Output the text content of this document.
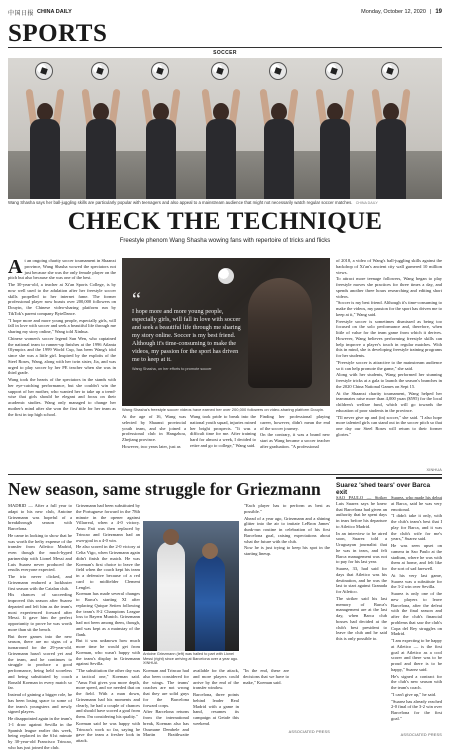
中国日报 CHINA DAILY	Monday, October 12, 2020 | 19
SPORTS
SOCCER
Wang Shasha says her ball-juggling skills are particularly popular with teenagers and also appeal to a mainstream audience that might not necessarily watch regular soccer matches. CHINA DAILY
CHECK THE TECHNIQUE
Freestyle phenom Wang Shasha wowing fans with repertoire of tricks and flicks
A t an ongoing charity soccer tournament in Shaanxi province, Wang Shasha wowed the spectators not just because she was the only female player on the pitch but also because she was one of the best.

The 30-year-old, a teacher at Xi'an Sports College, is by now well used to the adulation after her freestyle soccer skills propelled to her internet fame. The former professional player now boasts over 200,000 followers on Douyin, the Chinese video-sharing platform run by TikTok's parent company ByteDance.

"I hope more and more young people, especially girls, will fall in love with soccer and seek a beautiful life through me sharing my story online," Wang told Xinhua.

Chinese women's soccer legend Sun Wen, who captained the national team to runner-up finishes at the 1996 Atlanta Olympics and the 1999 World Cup, has been Wang's idol since she was a little girl. Inspired by the exploits of the Steel Roses, Wang, along with her twin sister, Jia, and was urged to play soccer by her PE teacher when she was in third grade.

Wang took the hearts of the spectators in the stands with her eye-catching performance, but she couldn't win the support of her mother, who wanted her to take up a trend-wise that girls should be elegant and focus on their academic studies. Wang only managed to change her mother's mind after she won the first title for her team as the first in top high school.

“
I hope more and more young people, especially girls, will fall in love with soccer and seek a beautiful life through me sharing my story online. Soccer is my best friend. Although it's time-consuming to make the videos, my passion for the sport has driven me to keep at it.
Wang Shasha, on her efforts to promote soccer
Wang Shasha's freestyle soccer videos have earned her over 200,000 followers on video-sharing platform Douyin.

At the age of 16, Wang was selected by Shaanxi provincial youth team, and she joined a professional club in Hangzhou, Zhejiang province.

However, two years later, just as

Wang took pride to break into the national youth squad, injuries ruined her bright prospects. "It was a difficult time for me. After training hard for almost a week, I decided to retire and go to college," Wang said.

Finding her professional playing career, however, didn't mean the end of the soccer journey.

On the contrary, it was a brand new start as Wang became a soccer teacher after graduation. "A professional

of 2018, a video of Wang's ball-juggling skills against the backdrop of Xi'an's ancient city wall garnered 10 million views.

To attract more teenage followers, Wang began to play freestyle moves she practices for three times a day, and spends another three hours researching and editing short videos.

"Soccer is my best friend. Although it's time-consuming to make the videos, my passion for the sport has driven me to keep at it," Wang said.

Freestyle soccer is sometimes dismissed as being too focused on the solo performance and, therefore, when little of value for the team game from which it derives. However, Wang believes performing freestyle skills can help improve a player's touch in regular matches. With this in mind, she is developing freestyle training programs for her students.

"Freestyle soccer is attractive to the mainstream audience so it can help promote the game," she said.

Along with her students, Wang performed her stunning freestyle tricks at a gala to launch the season's branches in the 2020 China National Games on Sept 15.

At the Shaanxi charity tournament, Wang helped her teammates raise more than 4,000 yuan ($595) for the local children's welfare fund, which will go towards the education of poor students in the province.

"I'll never give up and (in) soccer," she said. "I also hope more talented girls can stand out in the soccer pitch so that one day our Steel Roses will return to their former glories."

XINHUA
New season, same struggle for Griezmann

MADRID — After a full year to adapt to his new club, Antoine Griezmann was hopeful of a breakthrough season with Barcelona.

He came in looking to show that he was worth the hefty expense of the transfer from Atletico Madrid, even though the much-hyped partnership with Lionel Messi and Luis Suarez never produced the results everyone expected.

The trio never clicked, and Griezmann endured a lackluster first season with the Catalan club.

His chances of succeeding improved this season after Suarez departed and left him as the team's most experienced forward after Messi. It gave him the perfect opportunity to prove he was worth more than sit the bench.

But three games into the new season, there are no signs of a turnaround for the 29-year-old. Griezmann hasn't scored yet and the team, and he continues to struggle to produce a good performance, being held scoreless and being substituted by coach Ronald Koeman in every match so far.

Instead of gaining a bigger role, he has been losing space to some of the team's youngsters and newly signed players.

He disappointed again in the team's 1-1 draw against Sevilla in the Spanish league earlier this week, being replaced in the 61st minute by 30-year-old Francisco Trincao, who has just joined the club.

Griezmann had been substituted by the Portuguese forward in the 78th minute in the opener against Villarreal, when a 4-0 victory. Ansu Fati was then replaced by Trincao and Griezmann had an own-goal in a 4-0 win.

He also scored in the 2-0 victory at Celta Vigo, when Griezmann again didn't finish the match. He was Koeman's first choice to leave the field when the coach kept his team in a defensive because of a red card to midfielder Clement Lenglet.

Koeman has made several changes to Barca's starting XI after replacing Quique Setien following the team's 8-2 Champions League loss to Bayern Munich. Griezmann had not been among them, though, and was kept as a mainstay of the flank.

But it was unknown how much more time he would get from Koeman, who wasn't happy with the team's display in Griezmann against Sevilla.

"The substitution the other day was a tactical one," Koeman said. "Ansu Fati gives you more depth, more speed, and we needed that on the field. With a man down, Griezmann had his moments and clearly, he had a couple of chances and should have scored a goal from them. I'm considering his quality."

Koeman said he was happy with Trincao's work so far, saying he gave the team a fresher look in attack.

Antoine Griezmann (left) was hailed to part with Lionel Messi (right) since arriving at Barcelona over a year ago. XINHUA

Koeman and Trincao had also been considered for the wings. The teams' coaches are not wrong that they are solid guys for the Barcelona forward corps.

After Barcelona returns from the international break, Koeman also has Ousmane Dembele and Martin Braithwaite available for the attack, and more players could arrive by the end of the transfer window.

Barcelona, three points behind leader Real Madrid with a game in hand, resumes its campaign at Getafe this weekend.

"In the end, these are decisions that we have to make," Koeman said.

"Each player has to perform as best as possible."

Ahead of a year ago, Griezmann and a shining glitter into the air to imitate LeBron James' dunk-run routine in celebration of his first Barcelona goal, raising expectations about what the future with the club.

Now he is just trying to keep his spot in the starting lineup.

ASSOCIATED PRESS
Suarez 'shed tears' over Barca exit

SAO PAULO — Striker Luis Suarez says he knew that Barcelona had given an authority that he spent days in tears before his departure to Atletico Madrid.

In an interview to be aired soon, Suarez told a Uruguayan journalist that he was in tears, and felt Barca management was not to pay for his last year.

Suarez, 33, had said for days that Atletico was his destination, and he was the last to start against Granada for Atletico.

The striker said his last memory of Barca's management are at the last day, when Barca club bosses had decided at the club's best president to leave the club and he said this is only possible to.

Suarez, who made his debut at Barca, said he was very emotional.

"I didn't take it only, with the club's team's best that I play for Barca, and it was the club's wife for me's years," Suarez said.

He was seen upset on camera in Sao Paulo at the stadium, where he was with them at home, and felt like the sort of sad farewell.

At his very last game, Suarez was a substitute for the 3-2 win over Sevilla.

Suarez is only one of the new players to leave Barcelona, after the defeat with the final season and after the club's financial problems that saw the club's Copa del Rey struggles on Madrid.

"I am expecting to be happy at Atletico — is the first goal at Atletico as a cool scorer and there was to be proud and there is to be happy," Suarez said.

He's signed a contract for the club's new season with the team's coach.

"I can't give up," he said.

"Suarez has already reached 2-0 final of the 3-2 win over Barcelona for the first goal."

ASSOCIATED PRESS
